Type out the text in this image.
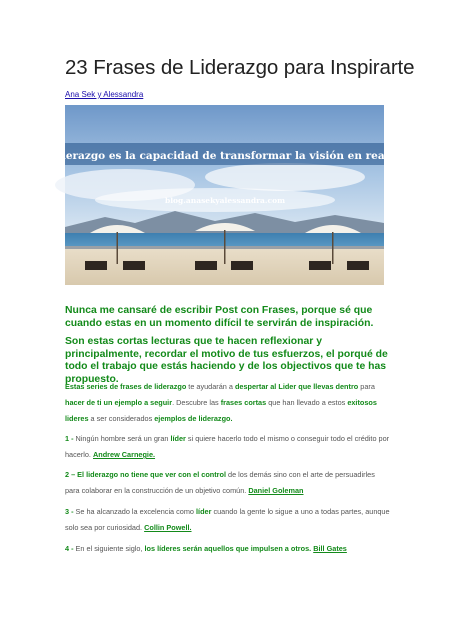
23 Frases de Liderazgo para Inspirarte
Ana Sek y Alessandra
El liderazgo es la capacidad de transformar la visión en realidad
blog.anasekyalessandra.com

Nunca me cansaré de escribir Post con Frases, porque sé que cuando estas en un momento difícil te servirán de inspiración.

Son estas cortas lecturas que te hacen reflexionar y principalmente, recordar el motivo de tus esfuerzos, el porqué de todo el trabajo que estás haciendo y de los objectivos que te has propuesto.

Estas series de frases de liderazgo te ayudarán a despertar al Lider que llevas dentro para hacer de ti un ejemplo a seguir. Descubre las frases cortas que han llevado a estos exitosos lideres a ser considerados ejemplos de liderazgo.

1 - Ningún hombre será un gran líder si quiere hacerlo todo el mismo o conseguir todo el crédito por hacerlo. Andrew Carnegie.

2 – El liderazgo no tiene que ver con el control de los demás sino con el arte de persuadirles para colaborar en la construcción de un objetivo común. Daniel Goleman

3 - Se ha alcanzado la excelencia como líder cuando la gente lo sigue a uno a todas partes, aunque solo sea por curiosidad. Collin Powell.

4 - En el siguiente siglo, los líderes serán aquellos que impulsen a otros. Bill Gates
